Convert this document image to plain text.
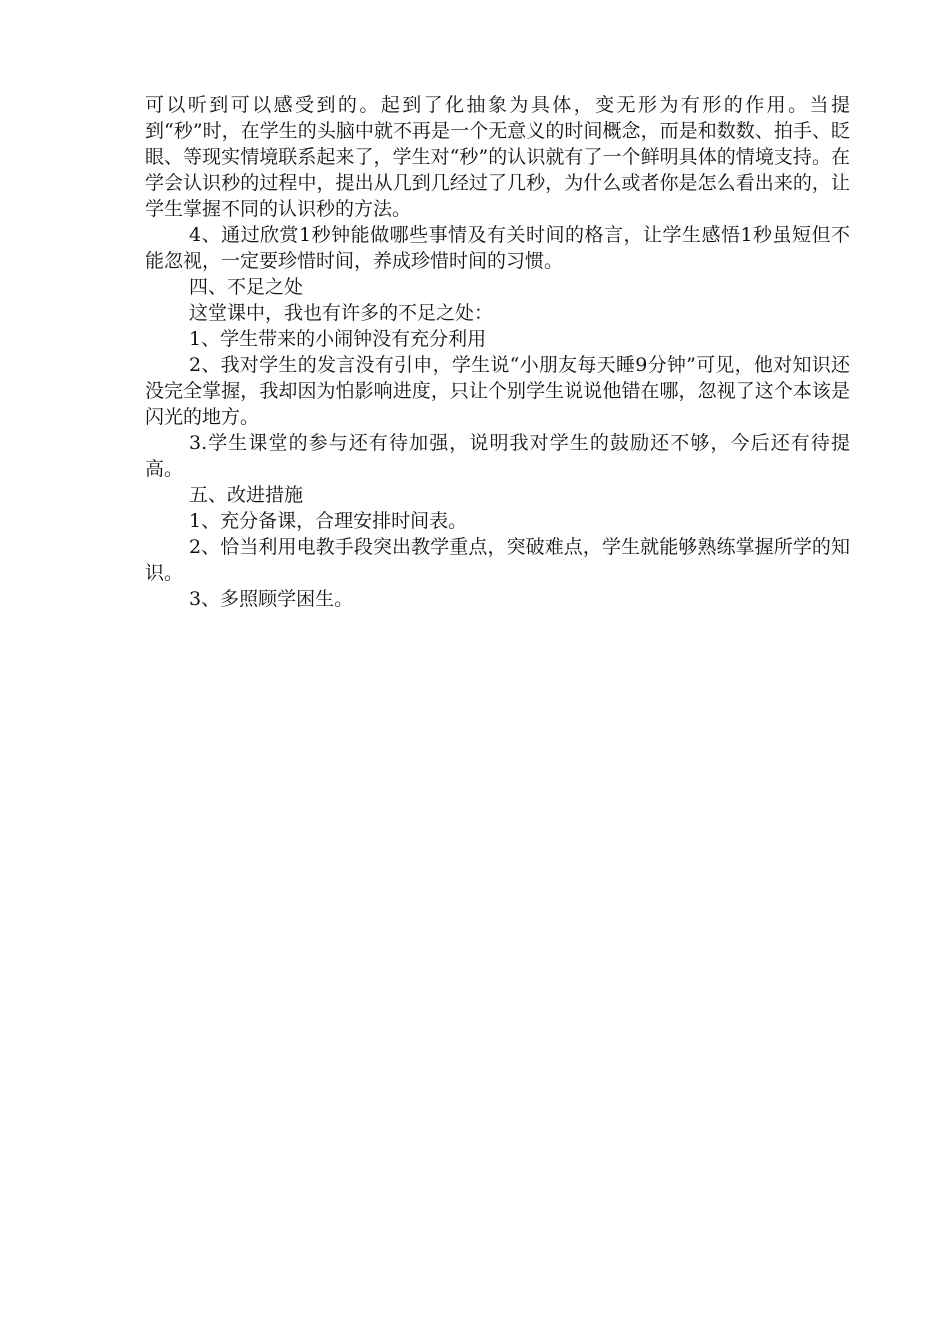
可以听到可以感受到的。起到了化抽象为具体，变无形为有形的作用。当提到“秒”时，在学生的头脑中就不再是一个无意义的时间概念，而是和数数、拍手、眨眼、等现实情境联系起来了，学生对“秒”的认识就有了一个鲜明具体的情境支持。在学会认识秒的过程中，提出从几到几经过了几秒，为什么或者你是怎么看出来的，让学生掌握不同的认识秒的方法。

4、通过欣赏1秒钟能做哪些事情及有关时间的格言，让学生感悟1秒虽短但不能忽视，一定要珍惜时间，养成珍惜时间的习惯。

四、不足之处

这堂课中，我也有许多的不足之处：

1、学生带来的小闹钟没有充分利用

2、我对学生的发言没有引申，学生说“小朋友每天睡9分钟”可见，他对知识还没完全掌握，我却因为怕影响进度，只让个别学生说说他错在哪，忽视了这个本该是闪光的地方。

3.学生课堂的参与还有待加强，说明我对学生的鼓励还不够，今后还有待提高。

五、改进措施

1、充分备课，合理安排时间表。

2、恰当利用电教手段突出教学重点，突破难点，学生就能够熟练掌握所学的知识。

3、多照顾学困生。
